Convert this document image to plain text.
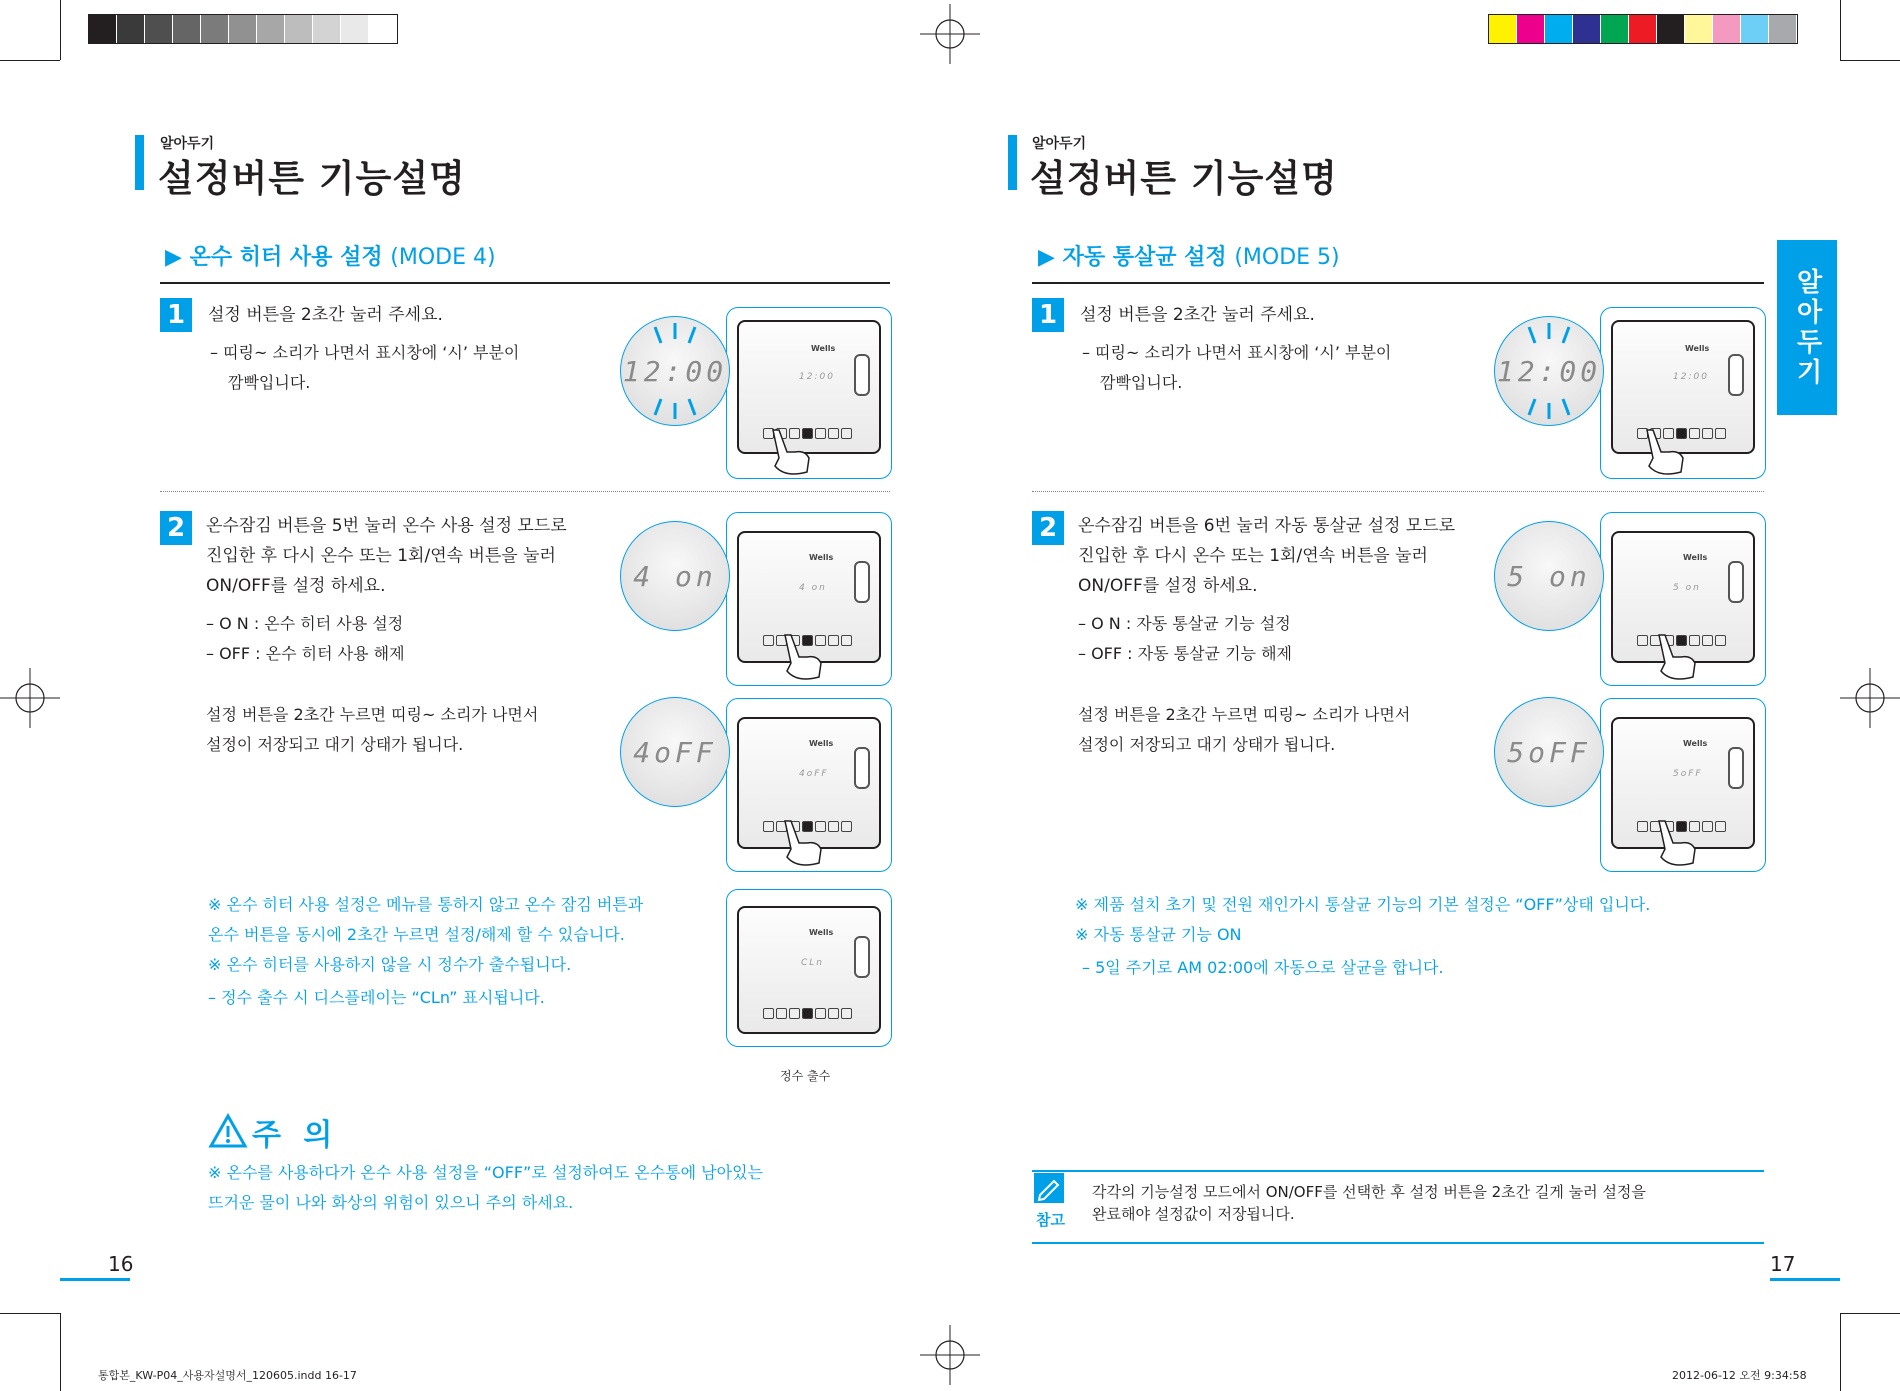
알아두기
설정버튼 기능설명
▶ 온수 히터 사용 설정 (MODE 4)
1	설정 버튼을 2초간 눌러 주세요.
– 띠링~ 소리가 나면서 표시창에 ‘시’ 부분이
깜빡입니다.
Wells
12:00
12:00
2	온수잠김 버튼을 5번 눌러 온수 사용 설정 모드로
진입한 후 다시 온수 또는 1회/연속 버튼을 눌러
ON/OFF를 설정 하세요.
– O N : 온수 히터 사용 설정
– OFF : 온수 히터 사용 해제
설정 버튼을 2초간 누르면 띠링~ 소리가 나면서
설정이 저장되고 대기 상태가 됩니다.
Wells
4 on
4 on
Wells
4oFF
4oFF
※ 온수 히터 사용 설정은 메뉴를 통하지 않고 온수 잠김 버튼과
온수 버튼을 동시에 2초간 누르면 설정/해제 할 수 있습니다.
※ 온수 히터를 사용하지 않을 시 정수가 출수됩니다.
– 정수 출수 시 디스플레이는 “CLn” 표시됩니다.
Wells
CLn
정수 출수
주 의
※ 온수를 사용하다가 온수 사용 설정을 “OFF”로 설정하여도 온수통에 남아있는
뜨거운 물이 나와 화상의 위험이 있으니 주의 하세요.
16
통합본_KW-P04_사용자설명서_120605.indd 16-17
알아두기
설정버튼 기능설명
알아두기
▶ 자동 통살균 설정 (MODE 5)
1	설정 버튼을 2초간 눌러 주세요.
– 띠링~ 소리가 나면서 표시창에 ‘시’ 부분이
깜빡입니다.
Wells
12:00
12:00
2	온수잠김 버튼을 6번 눌러 자동 통살균 설정 모드로
진입한 후 다시 온수 또는 1회/연속 버튼을 눌러
ON/OFF를 설정 하세요.
– O N : 자동 통살균 기능 설정
– OFF : 자동 통살균 기능 해제
설정 버튼을 2초간 누르면 띠링~ 소리가 나면서
설정이 저장되고 대기 상태가 됩니다.
Wells
5 on
5 on
Wells
5oFF
5oFF
※ 제품 설치 초기 및 전원 재인가시 통살균 기능의 기본 설정은 “OFF”상태 입니다.
※ 자동 통살균 기능 ON
– 5일 주기로 AM 02:00에 자동으로 살균을 합니다.
참고
각각의 기능설정 모드에서 ON/OFF를 선택한 후 설정 버튼을 2초간 길게 눌러 설정을
완료해야 설정값이 저장됩니다.
17
2012-06-12 오전 9:34:58
